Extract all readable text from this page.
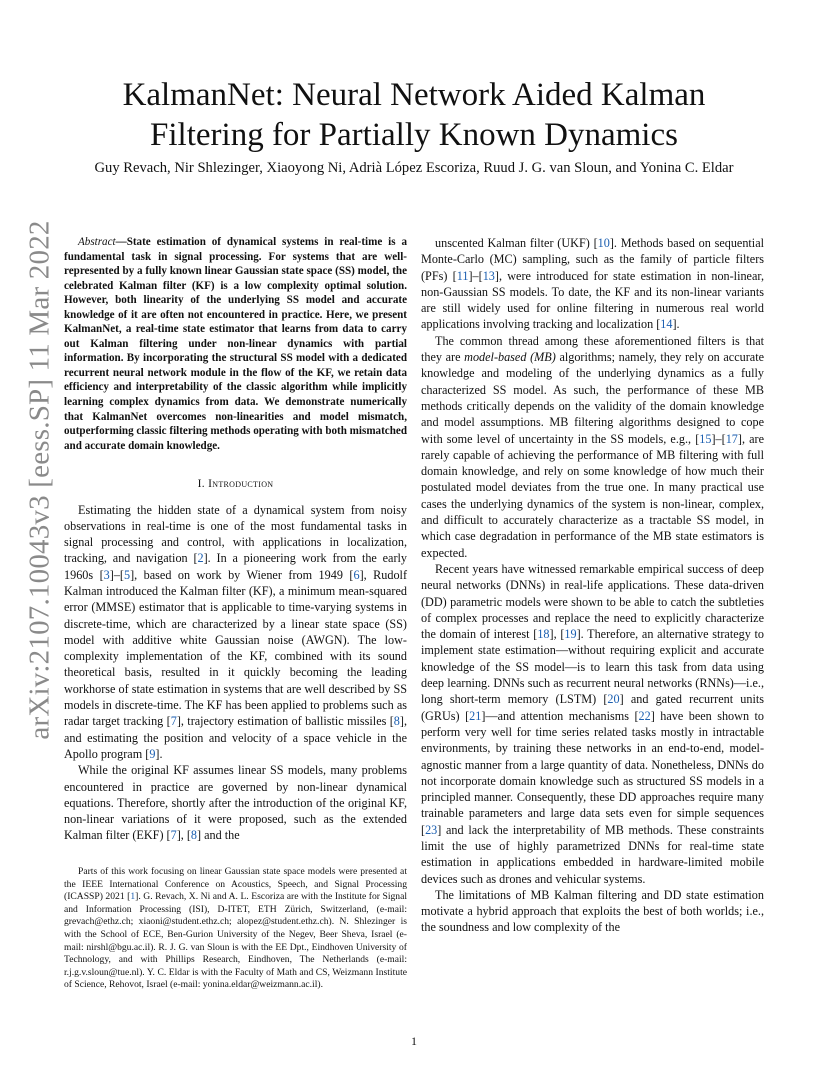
arXiv:2107.10043v3 [eess.SP] 11 Mar 2022
KalmanNet: Neural Network Aided Kalman
Filtering for Partially Known Dynamics
Guy Revach, Nir Shlezinger, Xiaoyong Ni, Adrià López Escoriza, Ruud J. G. van Sloun, and Yonina C. Eldar

Abstract—State estimation of dynamical systems in real-time is a fundamental task in signal processing. For systems that are well-represented by a fully known linear Gaussian state space (SS) model, the celebrated Kalman filter (KF) is a low complexity optimal solution. However, both linearity of the underlying SS model and accurate knowledge of it are often not encountered in practice. Here, we present KalmanNet, a real-time state estimator that learns from data to carry out Kalman filtering under non-linear dynamics with partial information. By incorporating the structural SS model with a dedicated recurrent neural network module in the flow of the KF, we retain data efficiency and interpretability of the classic algorithm while implicitly learning complex dynamics from data. We demonstrate numerically that KalmanNet overcomes non-linearities and model mismatch, outperforming classic filtering methods operating with both mismatched and accurate domain knowledge.

I. Introduction

Estimating the hidden state of a dynamical system from noisy observations in real-time is one of the most fundamental tasks in signal processing and control, with applications in localization, tracking, and navigation [2]. In a pioneering work from the early 1960s [3]–[5], based on work by Wiener from 1949 [6], Rudolf Kalman introduced the Kalman filter (KF), a minimum mean-squared error (MMSE) estimator that is applicable to time-varying systems in discrete-time, which are characterized by a linear state space (SS) model with additive white Gaussian noise (AWGN). The low-complexity implementation of the KF, combined with its sound theoretical basis, resulted in it quickly becoming the leading workhorse of state estimation in systems that are well described by SS models in discrete-time. The KF has been applied to problems such as radar target tracking [7], trajectory estimation of ballistic missiles [8], and estimating the position and velocity of a space vehicle in the Apollo program [9].

While the original KF assumes linear SS models, many problems encountered in practice are governed by non-linear dynamical equations. Therefore, shortly after the introduction of the original KF, non-linear variations of it were proposed, such as the extended Kalman filter (EKF) [7], [8] and the

Parts of this work focusing on linear Gaussian state space models were presented at the IEEE International Conference on Acoustics, Speech, and Signal Processing (ICASSP) 2021 [1]. G. Revach, X. Ni and A. L. Escoriza are with the Institute for Signal and Information Processing (ISI), D-ITET, ETH Zürich, Switzerland, (e-mail: grevach@ethz.ch; xiaoni@student.ethz.ch; alopez@student.ethz.ch). N. Shlezinger is with the School of ECE, Ben-Gurion University of the Negev, Beer Sheva, Israel (e-mail: nirshl@bgu.ac.il). R. J. G. van Sloun is with the EE Dpt., Eindhoven University of Technology, and with Phillips Research, Eindhoven, The Netherlands (e-mail: r.j.g.v.sloun@tue.nl). Y. C. Eldar is with the Faculty of Math and CS, Weizmann Institute of Science, Rehovot, Israel (e-mail: yonina.eldar@weizmann.ac.il).

unscented Kalman filter (UKF) [10]. Methods based on sequential Monte-Carlo (MC) sampling, such as the family of particle filters (PFs) [11]–[13], were introduced for state estimation in non-linear, non-Gaussian SS models. To date, the KF and its non-linear variants are still widely used for online filtering in numerous real world applications involving tracking and localization [14].

The common thread among these aforementioned filters is that they are model-based (MB) algorithms; namely, they rely on accurate knowledge and modeling of the underlying dynamics as a fully characterized SS model. As such, the performance of these MB methods critically depends on the validity of the domain knowledge and model assumptions. MB filtering algorithms designed to cope with some level of uncertainty in the SS models, e.g., [15]–[17], are rarely capable of achieving the performance of MB filtering with full domain knowledge, and rely on some knowledge of how much their postulated model deviates from the true one. In many practical use cases the underlying dynamics of the system is non-linear, complex, and difficult to accurately characterize as a tractable SS model, in which case degradation in performance of the MB state estimators is expected.

Recent years have witnessed remarkable empirical success of deep neural networks (DNNs) in real-life applications. These data-driven (DD) parametric models were shown to be able to catch the subtleties of complex processes and replace the need to explicitly characterize the domain of interest [18], [19]. Therefore, an alternative strategy to implement state estimation—without requiring explicit and accurate knowledge of the SS model—is to learn this task from data using deep learning. DNNs such as recurrent neural networks (RNNs)—i.e., long short-term memory (LSTM) [20] and gated recurrent units (GRUs) [21]—and attention mechanisms [22] have been shown to perform very well for time series related tasks mostly in intractable environments, by training these networks in an end-to-end, model-agnostic manner from a large quantity of data. Nonetheless, DNNs do not incorporate domain knowledge such as structured SS models in a principled manner. Consequently, these DD approaches require many trainable parameters and large data sets even for simple sequences [23] and lack the interpretability of MB methods. These constraints limit the use of highly parametrized DNNs for real-time state estimation in applications embedded in hardware-limited mobile devices such as drones and vehicular systems.

The limitations of MB Kalman filtering and DD state estimation motivate a hybrid approach that exploits the best of both worlds; i.e., the soundness and low complexity of the

1
